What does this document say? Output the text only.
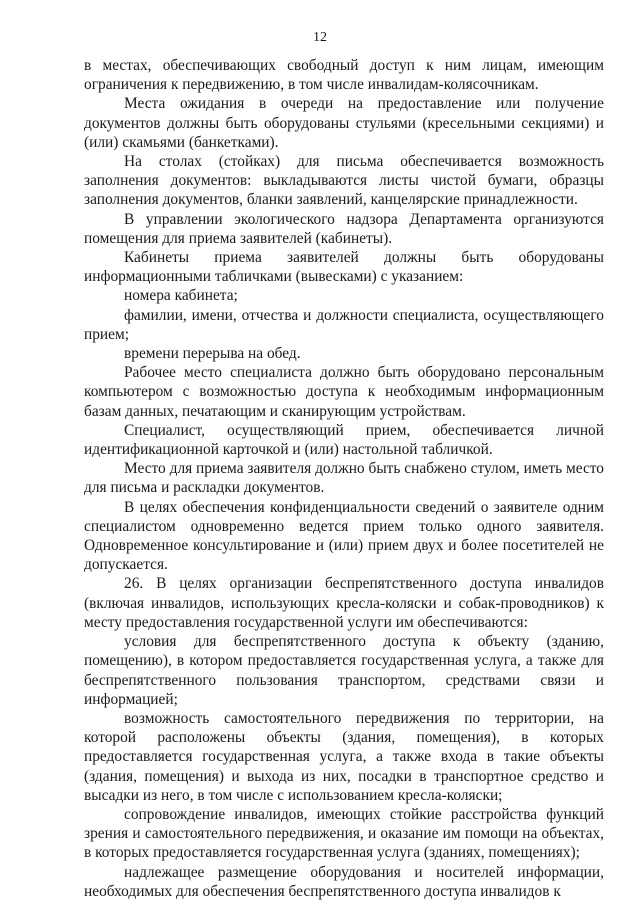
12

в местах, обеспечивающих свободный доступ к ним лицам, имеющим ограничения к передвижению, в том числе инвалидам-колясочникам.

Места ожидания в очереди на предоставление или получение документов должны быть оборудованы стульями (кресельными секциями) и (или) скамьями (банкетками).

На столах (стойках) для письма обеспечивается возможность заполнения документов: выкладываются листы чистой бумаги, образцы заполнения документов, бланки заявлений, канцелярские принадлежности.

В управлении экологического надзора Департамента организуются помещения для приема заявителей (кабинеты).

Кабинеты приема заявителей должны быть оборудованы информационными табличками (вывесками) с указанием:

номера кабинета;

фамилии, имени, отчества и должности специалиста, осуществляющего прием;

времени перерыва на обед.

Рабочее место специалиста должно быть оборудовано персональным компьютером с возможностью доступа к необходимым информационным базам данных, печатающим и сканирующим устройствам.

Специалист, осуществляющий прием, обеспечивается личной идентификационной карточкой и (или) настольной табличкой.

Место для приема заявителя должно быть снабжено стулом, иметь место для письма и раскладки документов.

В целях обеспечения конфиденциальности сведений о заявителе одним специалистом одновременно ведется прием только одного заявителя. Одновременное консультирование и (или) прием двух и более посетителей не допускается.

26. В целях организации беспрепятственного доступа инвалидов (включая инвалидов, использующих кресла-коляски и собак-проводников) к месту предоставления государственной услуги им обеспечиваются:

условия для беспрепятственного доступа к объекту (зданию, помещению), в котором предоставляется государственная услуга, а также для беспрепятственного пользования транспортом, средствами связи и информацией;

возможность самостоятельного передвижения по территории, на которой расположены объекты (здания, помещения), в которых предоставляется государственная услуга, а также входа в такие объекты (здания, помещения) и выхода из них, посадки в транспортное средство и высадки из него, в том числе с использованием кресла-коляски;

сопровождение инвалидов, имеющих стойкие расстройства функций зрения и самостоятельного передвижения, и оказание им помощи на объектах, в которых предоставляется государственная услуга (зданиях, помещениях);

надлежащее размещение оборудования и носителей информации, необходимых для обеспечения беспрепятственного доступа инвалидов к
